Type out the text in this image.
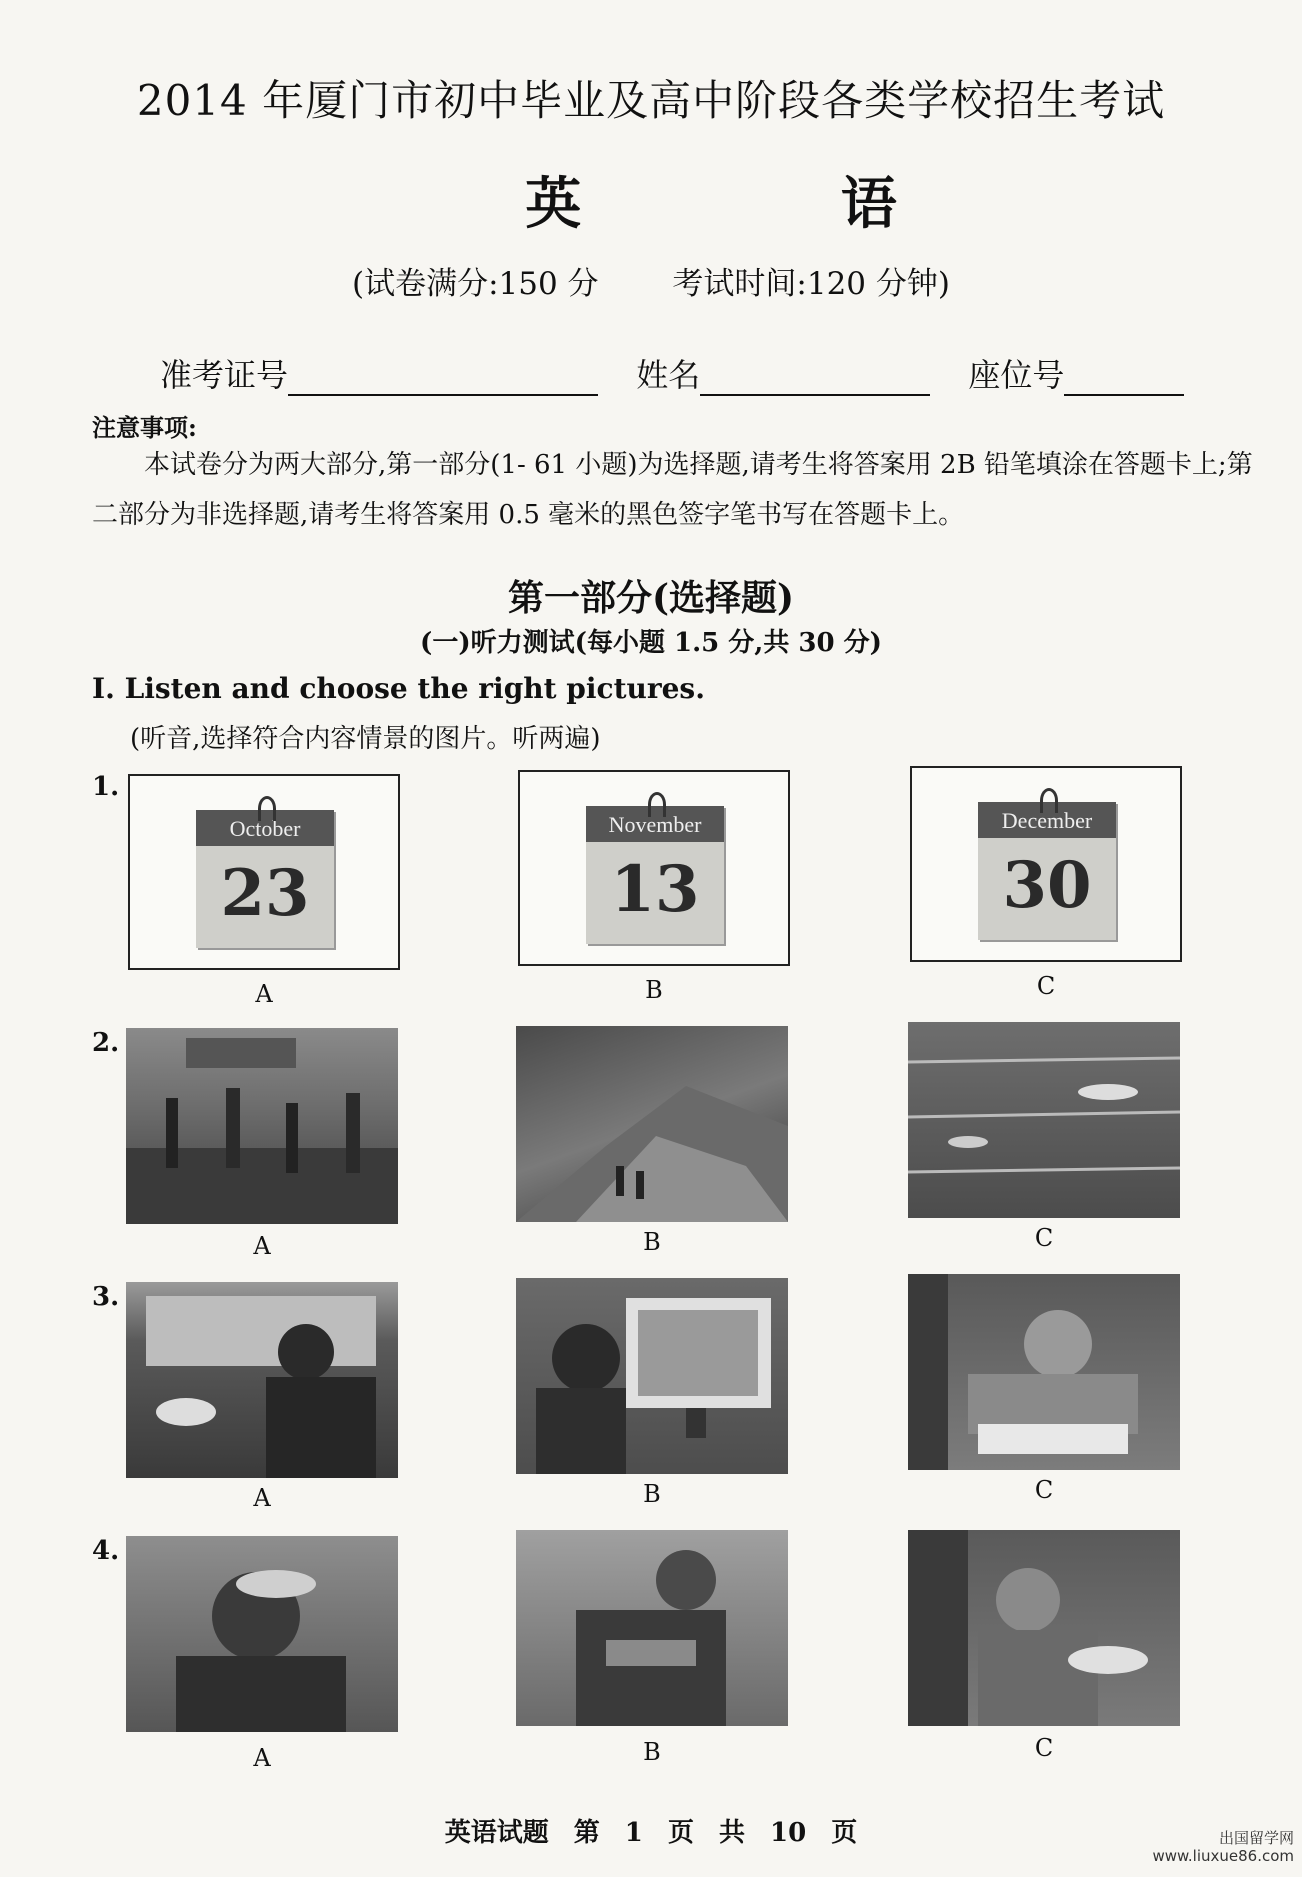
2014 年厦门市初中毕业及高中阶段各类学校招生考试
英 语
(试卷满分:150 分 考试时间:120 分钟)
准考证号	姓名	座位号
注意事项:
本试卷分为两大部分,第一部分(1- 61 小题)为选择题,请考生将答案用 2B 铅笔填涂在答题卡上;第二部分为非选择题,请考生将答案用 0.5 毫米的黑色签字笔书写在答题卡上。
第一部分(选择题)
(一)听力测试(每小题 1.5 分,共 30 分)
I. Listen and choose the right pictures.
(听音,选择符合内容情景的图片。听两遍)
1.
October
23
November
13
December
30
A	B	C
2.
A	B	C
3.
A	B	C
4.
A	B	C
英语试题 第 1 页 共 10 页	出国留学网
www.liuxue86.com
